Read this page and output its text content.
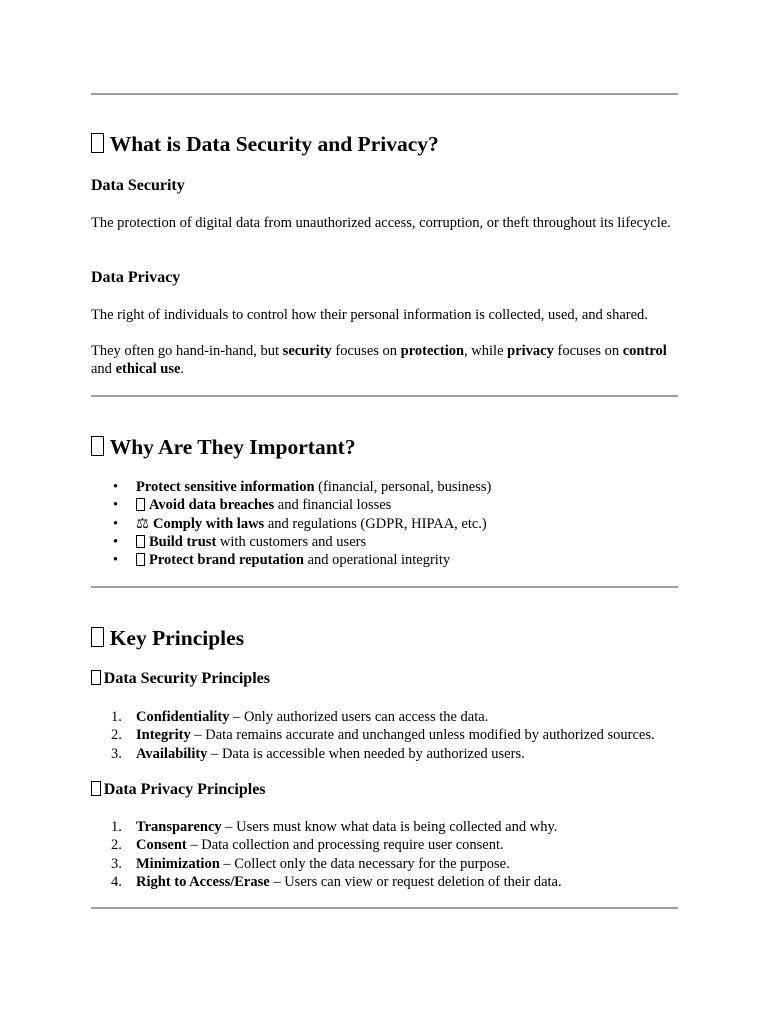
What is Data Security and Privacy?
Data Security
The protection of digital data from unauthorized access, corruption, or theft throughout its lifecycle.
Data Privacy
The right of individuals to control how their personal information is collected, used, and shared.
They often go hand-in-hand, but security focuses on protection, while privacy focuses on control and ethical use.
Why Are They Important?
• Protect sensitive information (financial, personal, business)
• Avoid data breaches and financial losses
• ⚖ Comply with laws and regulations (GDPR, HIPAA, etc.)
• Build trust with customers and users
• Protect brand reputation and operational integrity
Key Principles
Data Security Principles
1. Confidentiality – Only authorized users can access the data.
2. Integrity – Data remains accurate and unchanged unless modified by authorized sources.
3. Availability – Data is accessible when needed by authorized users.
Data Privacy Principles
1. Transparency – Users must know what data is being collected and why.
2. Consent – Data collection and processing require user consent.
3. Minimization – Collect only the data necessary for the purpose.
4. Right to Access/Erase – Users can view or request deletion of their data.
